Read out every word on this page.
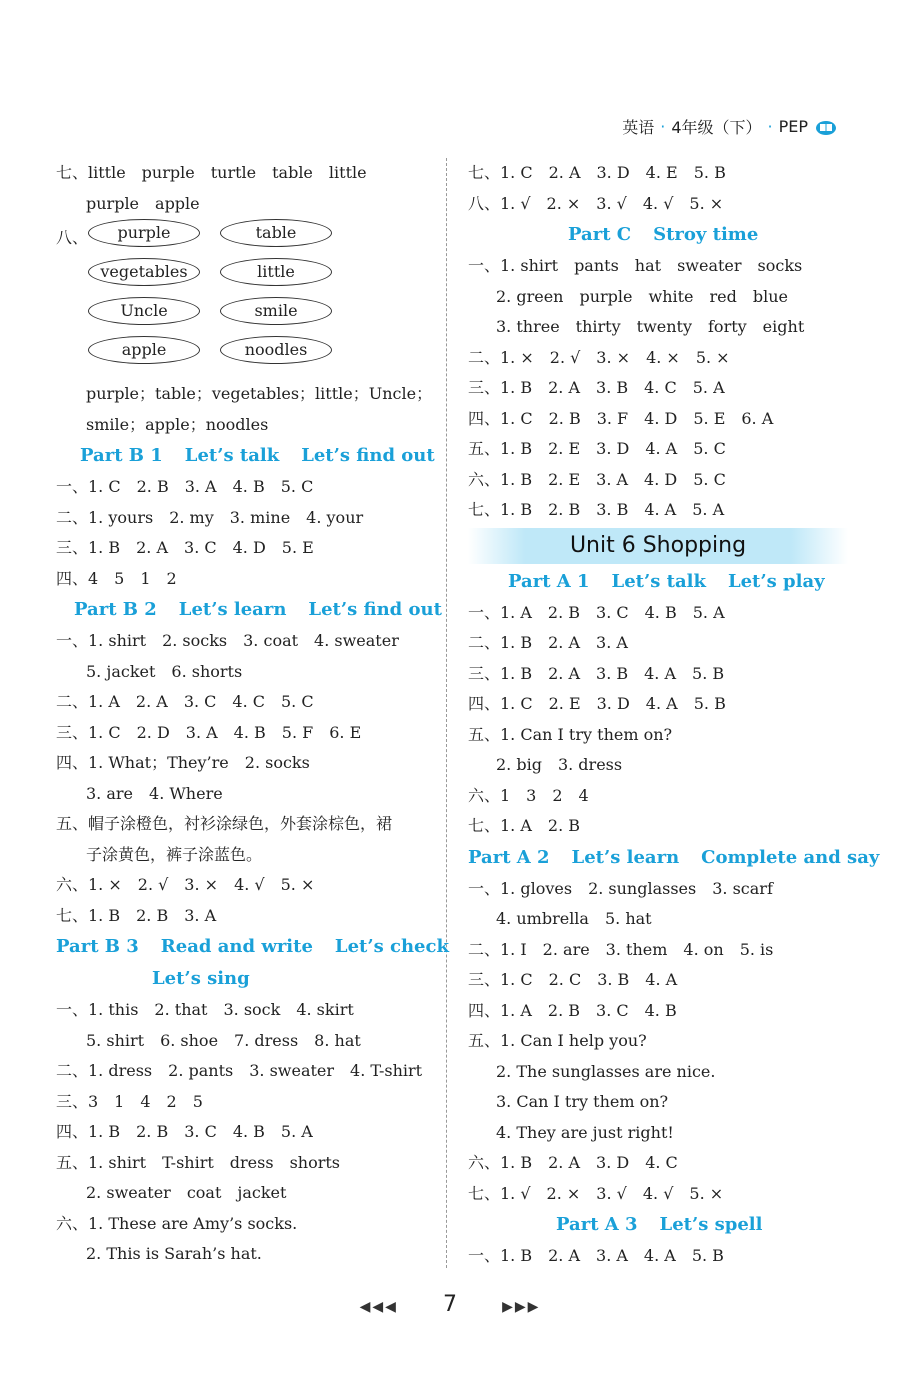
英语 · 4年级（下） · PEP
七、little　purple　turtle　table　little
purple　apple
八、	purple	table
vegetables	little
Uncle	smile
apple	noodles
purple；table；vegetables；little；Uncle；
smile；apple；noodles
Part B 1 Let’s talk Let’s find out
一、1. C　2. B　3. A　4. B　5. C
二、1. yours　2. my　3. mine　4. your
三、1. B　2. A　3. C　4. D　5. E
四、4　5　1　2
Part B 2 Let’s learn Let’s find out
一、1. shirt　2. socks　3. coat　4. sweater
5. jacket　6. shorts
二、1. A　2. A　3. C　4. C　5. C
三、1. C　2. D　3. A　4. B　5. F　6. E
四、1. What；They’re　2. socks
3. are　4. Where
五、帽子涂橙色，衬衫涂绿色，外套涂棕色，裙
子涂黄色，裤子涂蓝色。
六、1. ×　2. √　3. ×　4. √　5. ×
七、1. B　2. B　3. A
Part B 3 Read and write Let’s check
Let’s sing
一、1. this　2. that　3. sock　4. skirt
5. shirt　6. shoe　7. dress　8. hat
二、1. dress　2. pants　3. sweater　4. T-shirt
三、3　1　4　2　5
四、1. B　2. B　3. C　4. B　5. A
五、1. shirt　T-shirt　dress　shorts
2. sweater　coat　jacket
六、1. These are Amy’s socks.
2. This is Sarah’s hat.
七、1. C　2. A　3. D　4. E　5. B
八、1. √　2. ×　3. √　4. √　5. ×
Part C Stroy time
一、1. shirt　pants　hat　sweater　socks
2. green　purple　white　red　blue
3. three　thirty　twenty　forty　eight
二、1. ×　2. √　3. ×　4. ×　5. ×
三、1. B　2. A　3. B　4. C　5. A
四、1. C　2. B　3. F　4. D　5. E　6. A
五、1. B　2. E　3. D　4. A　5. C
六、1. B　2. E　3. A　4. D　5. C
七、1. B　2. B　3. B　4. A　5. A
Unit 6 Shopping
Part A 1 Let’s talk Let’s play
一、1. A　2. B　3. C　4. B　5. A
二、1. B　2. A　3. A
三、1. B　2. A　3. B　4. A　5. B
四、1. C　2. E　3. D　4. A　5. B
五、1. Can I try them on?
2. big　3. dress
六、1　3　2　4
七、1. A　2. B
Part A 2 Let’s learn Complete and say
一、1. gloves　2. sunglasses　3. scarf
4. umbrella　5. hat
二、1. I　2. are　3. them　4. on　5. is
三、1. C　2. C　3. B　4. A
四、1. A　2. B　3. C　4. B
五、1. Can I help you?
2. The sunglasses are nice.
3. Can I try them on?
4. They are just right!
六、1. B　2. A　3. D　4. C
七、1. √　2. ×　3. √　4. √　5. ×
Part A 3 Let’s spell
一、1. B　2. A　3. A　4. A　5. B
◀◀◀ 7	▶▶▶
